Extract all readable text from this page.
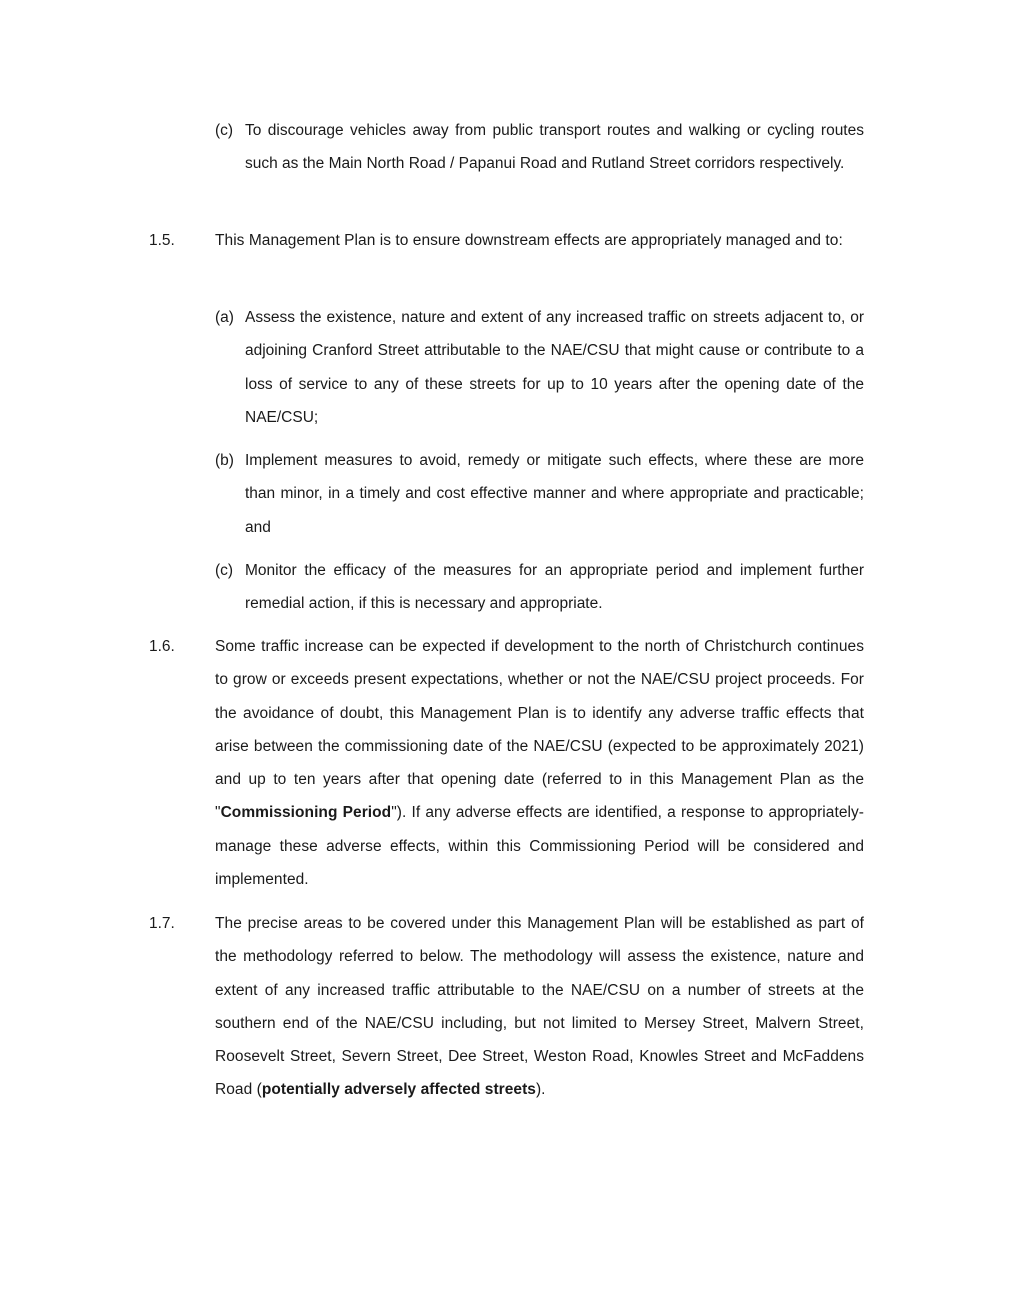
(c) To discourage vehicles away from public transport routes and walking or cycling routes such as the Main North Road / Papanui Road and Rutland Street corridors respectively.
1.5.	This Management Plan is to ensure downstream effects are appropriately managed and to:
(a) Assess the existence, nature and extent of any increased traffic on streets adjacent to, or adjoining Cranford Street attributable to the NAE/CSU that might cause or contribute to a loss of service to any of these streets for up to 10 years after the opening date of the NAE/CSU;
(b) Implement measures to avoid, remedy or mitigate such effects, where these are more than minor, in a timely and cost effective manner and where appropriate and practicable; and
(c) Monitor the efficacy of the measures for an appropriate period and implement further remedial action, if this is necessary and appropriate.
1.6.	Some traffic increase can be expected if development to the north of Christchurch continues to grow or exceeds present expectations, whether or not the NAE/CSU project proceeds. For the avoidance of doubt, this Management Plan is to identify any adverse traffic effects that arise between the commissioning date of the NAE/CSU (expected to be approximately 2021) and up to ten years after that opening date (referred to in this Management Plan as the "Commissioning Period"). If any adverse effects are identified, a response to appropriately-manage these adverse effects, within this Commissioning Period will be considered and implemented.
1.7.	The precise areas to be covered under this Management Plan will be established as part of the methodology referred to below. The methodology will assess the existence, nature and extent of any increased traffic attributable to the NAE/CSU on a number of streets at the southern end of the NAE/CSU including, but not limited to Mersey Street, Malvern Street, Roosevelt Street, Severn Street, Dee Street, Weston Road, Knowles Street and McFaddens Road (potentially adversely affected streets).
